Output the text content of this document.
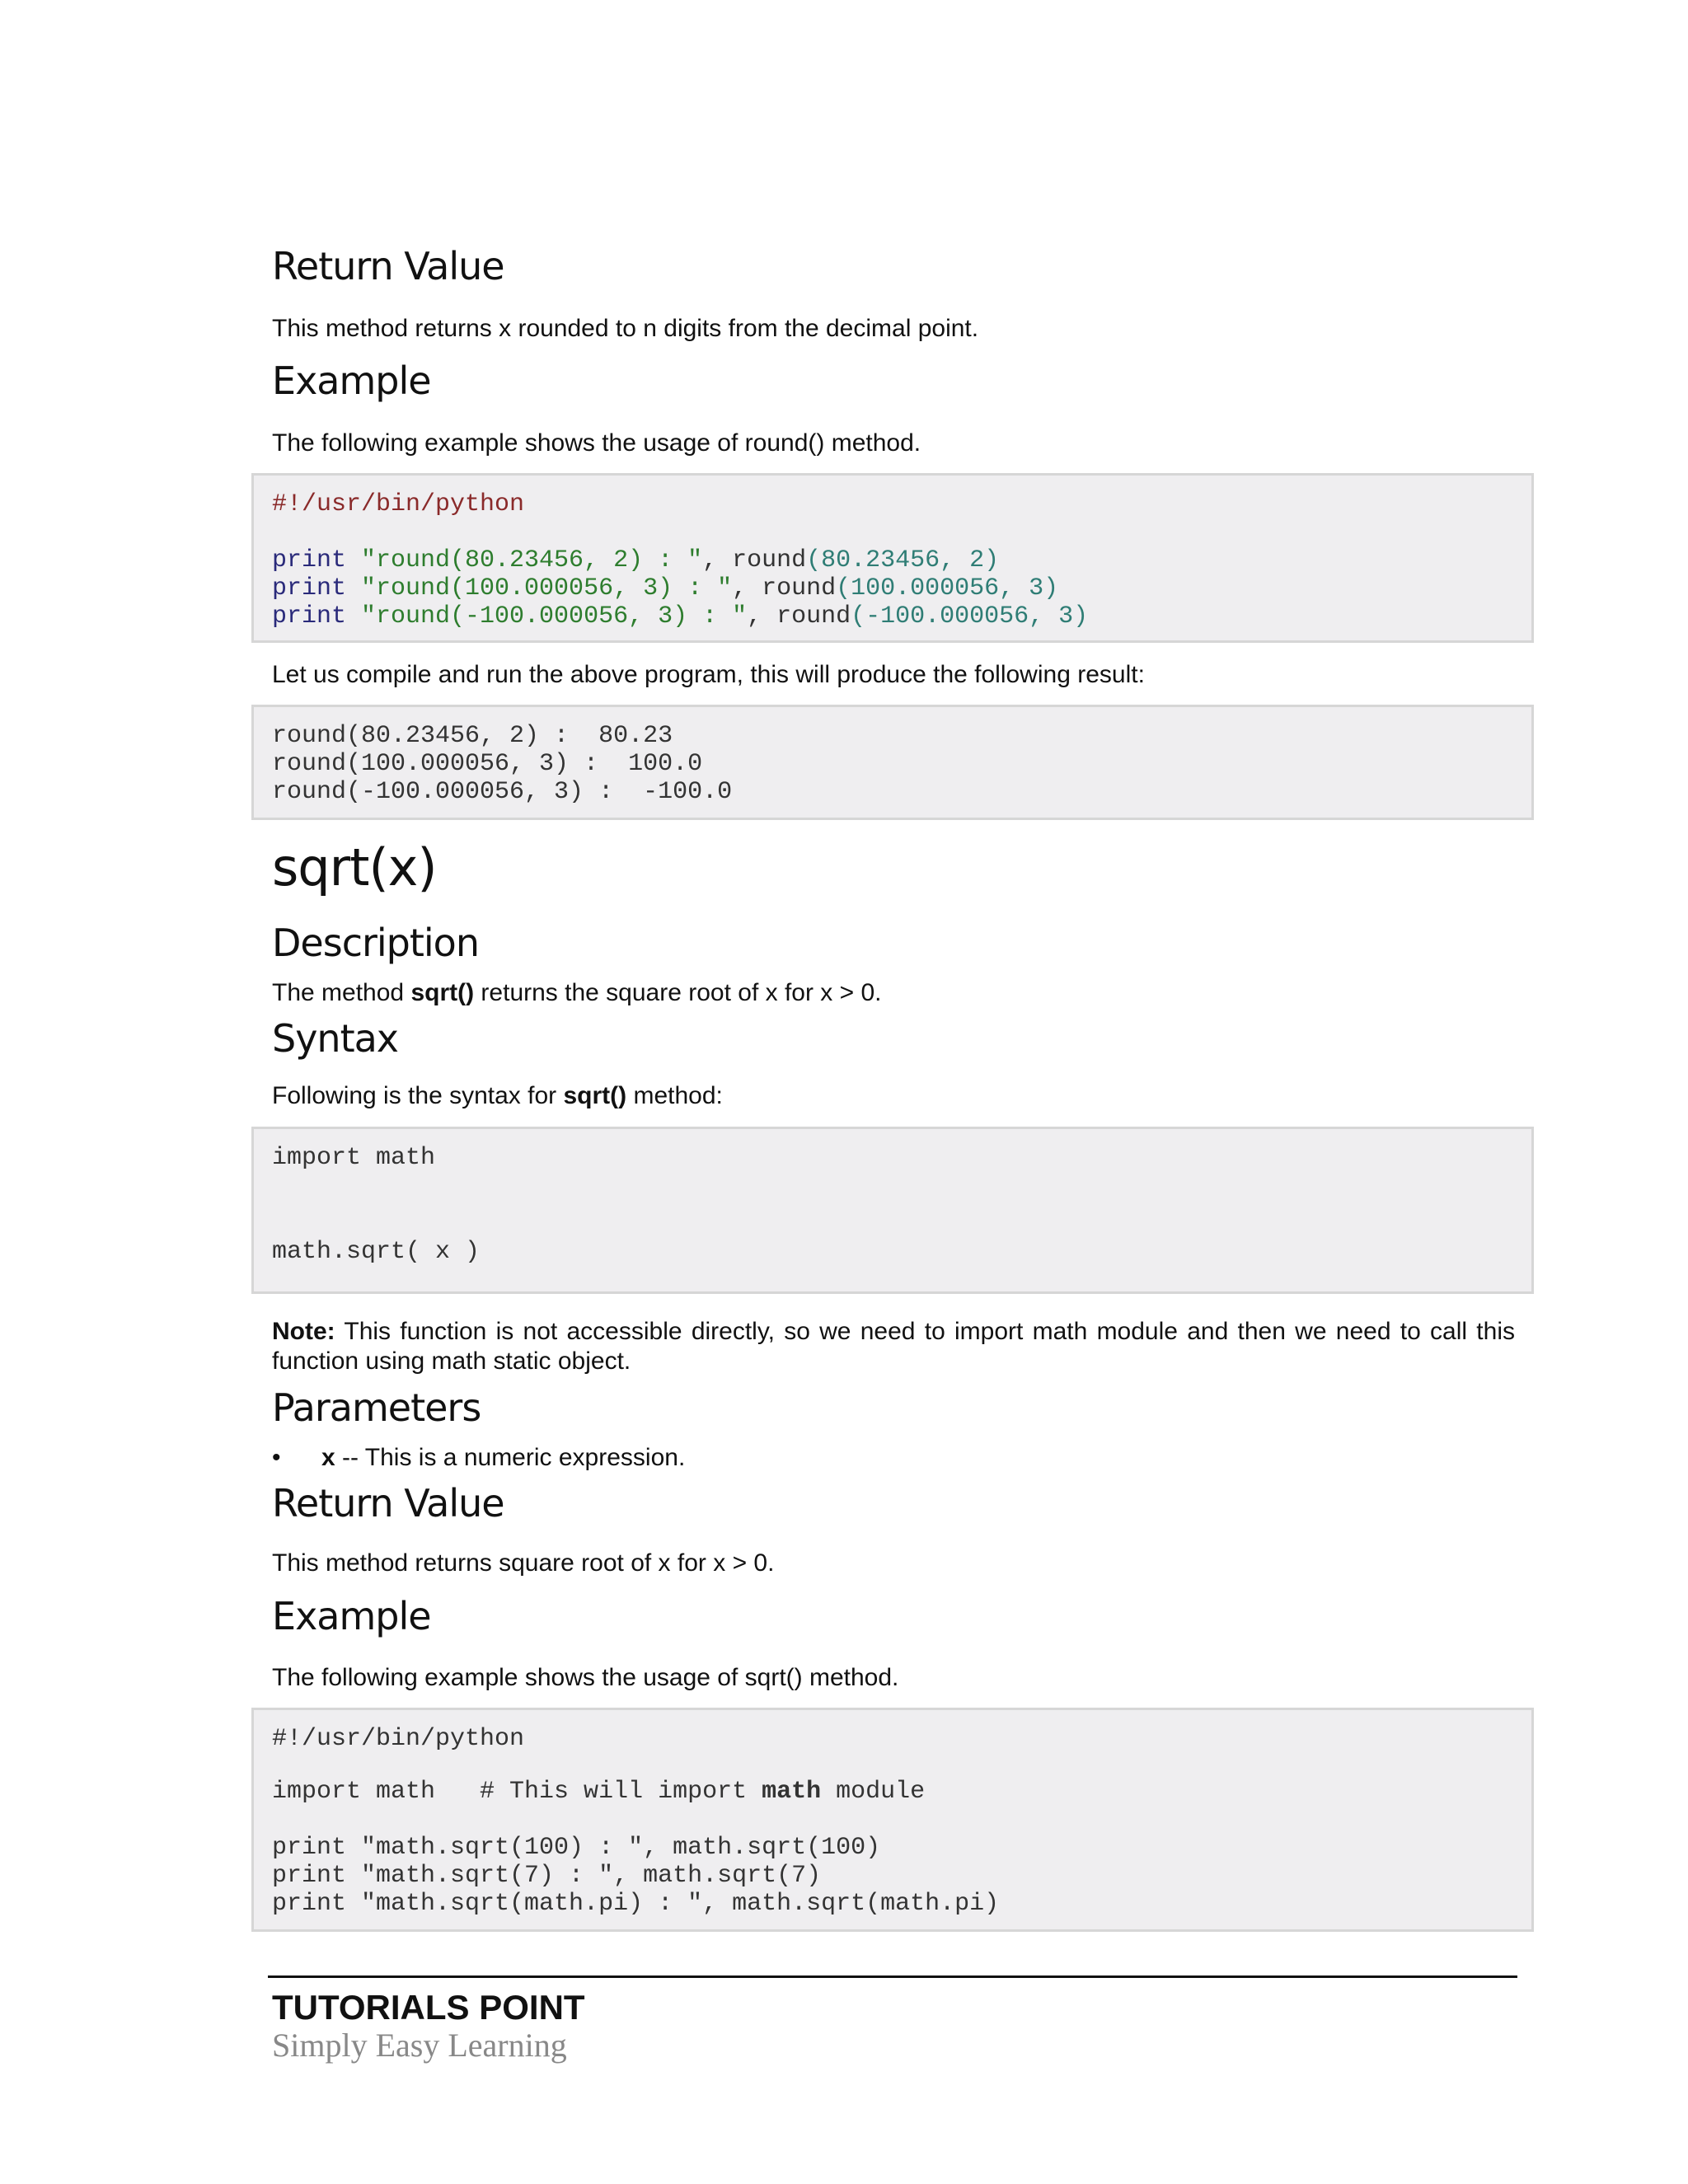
Return Value

This method returns x rounded to n digits from the decimal point.

Example

The following example shows the usage of round() method.

#!/usr/bin/python
print "round(80.23456, 2) : ", round(80.23456, 2)
print "round(100.000056, 3) : ", round(100.000056, 3)
print "round(-100.000056, 3) : ", round(-100.000056, 3)

Let us compile and run the above program, this will produce the following result:

round(80.23456, 2) :  80.23
round(100.000056, 3) :  100.0
round(-100.000056, 3) :  -100.0
sqrt(x)
Description

The method sqrt() returns the square root of x for x > 0.

Syntax

Following is the syntax for sqrt() method:

import math
math.sqrt( x )

Note: This function is not accessible directly, so we need to import math module and then we need to call this function using math static object.

Parameters
• x -- This is a numeric expression.
Return Value

This method returns square root of x for x > 0.

Example

The following example shows the usage of sqrt() method.

#!/usr/bin/python
import math   # This will import math module
print "math.sqrt(100) : ", math.sqrt(100)
print "math.sqrt(7) : ", math.sqrt(7)
print "math.sqrt(math.pi) : ", math.sqrt(math.pi)
TUTORIALS POINT
Simply Easy Learning
